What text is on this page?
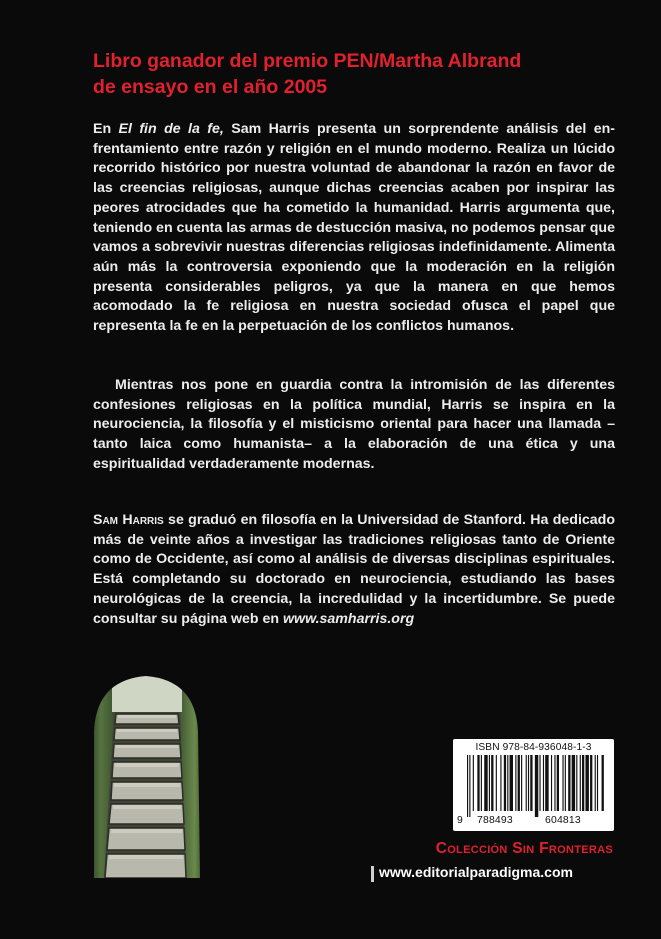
Libro ganador del premio PEN/Martha Albrand
de ensayo en el año 2005

En El fin de la fe, Sam Harris presenta un sorprendente análisis del enfrentamiento entre razón y religión en el mundo moderno. Realiza un lúcido recorrido histórico por nuestra voluntad de abandonar la razón en favor de las creencias religiosas, aunque dichas creencias acaben por inspirar las peores atrocidades que ha cometido la humanidad. Harris argumenta que, teniendo en cuenta las armas de destucción masiva, no podemos pensar que vamos a sobrevivir nuestras diferencias religiosas indefinidamente. Alimenta aún más la controversia exponiendo que la moderación en la religión presenta considerables peligros, ya que la manera en que hemos acomodado la fe religiosa en nuestra sociedad ofusca el papel que representa la fe en la perpetuación de los conflictos humanos.

Mientras nos pone en guardia contra la intromisión de las diferentes confesiones religiosas en la política mundial, Harris se inspira en la neurociencia, la filosofía y el misticismo oriental para hacer una llamada –tanto laica como humanista– a la elaboración de una ética y una espiritualidad verdaderamente modernas.

Sam Harris se graduó en filosofía en la Universidad de Stanford. Ha dedicado más de veinte años a investigar las tradiciones religiosas tanto de Oriente como de Occidente, así como al análisis de diversas disciplinas espirituales. Está completando su doctorado en neurociencia, estudiando las bases neurológicas de la creencia, la incredulidad y la incertidumbre. Se puede consultar su página web en www.samharris.org

ISBN 978-84-936048-1-3
9 788493	604813

Colección Sin Fronteras

www.editorialparadigma.com
